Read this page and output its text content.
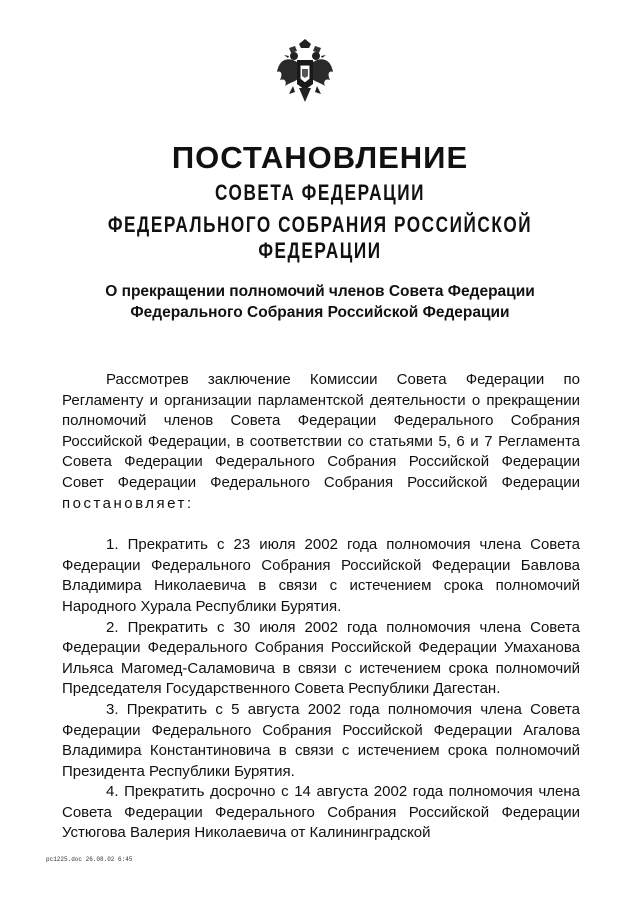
ПОСТАНОВЛЕНИЕ
СОВЕТА ФЕДЕРАЦИИ
ФЕДЕРАЛЬНОГО СОБРАНИЯ РОССИЙСКОЙ ФЕДЕРАЦИИ
О прекращении полномочий членов Совета Федерации
Федерального Собрания Российской Федерации

Рассмотрев заключение Комиссии Совета Федерации по Регламенту и организации парламентской деятельности о прекращении полномочий членов Совета Федерации Федерального Собрания Российской Федерации, в соответствии со статьями 5, 6 и 7 Регламента Совета Федерации Федерального Собрания Российской Федерации Совет Федерации Федерального Собрания Российской Федерации постановляет:

1. Прекратить с 23 июля 2002 года полномочия члена Совета Федерации Федерального Собрания Российской Федерации Бавлова Владимира Николаевича в связи с истечением срока полномочий Народного Хурала Республики Бурятия.

2. Прекратить с 30 июля 2002 года полномочия члена Совета Федерации Федерального Собрания Российской Федерации Умаханова Ильяса Магомед-Саламовича в связи с истечением срока полномочий Председателя Государственного Совета Республики Дагестан.

3. Прекратить с 5 августа 2002 года полномочия члена Совета Федерации Федерального Собрания Российской Федерации Агалова Владимира Константиновича в связи с истечением срока полномочий Президента Республики Бурятия.

4. Прекратить досрочно с 14 августа 2002 года полномочия члена Совета Федерации Федерального Собрания Российской Федерации Устюгова Валерия Николаевича от Калининградской

рс1225.doc 26.08.02 6:45
